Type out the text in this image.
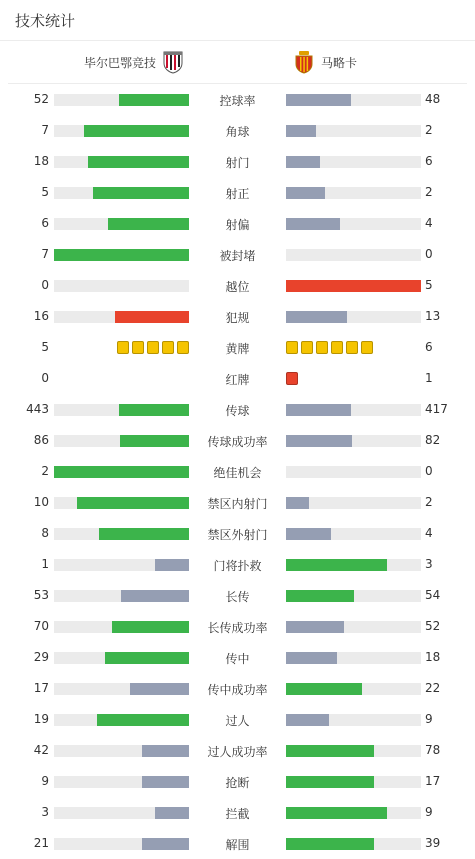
技术统计
毕尔巴鄂竞技	马略卡
52	控球率	48
7	角球	2
18	射门	6
5	射正	2
6	射偏	4
7	被封堵	0
0	越位	5
16	犯规	13
5	黄牌	6
0	红牌	1
443	传球	417
86	传球成功率	82
2	绝佳机会	0
10	禁区内射门	2
8	禁区外射门	4
1	门将扑救	3
53	长传	54
70	长传成功率	52
29	传中	18
17	传中成功率	22
19	过人	9
42	过人成功率	78
9	抢断	17
3	拦截	9
21	解围	39
